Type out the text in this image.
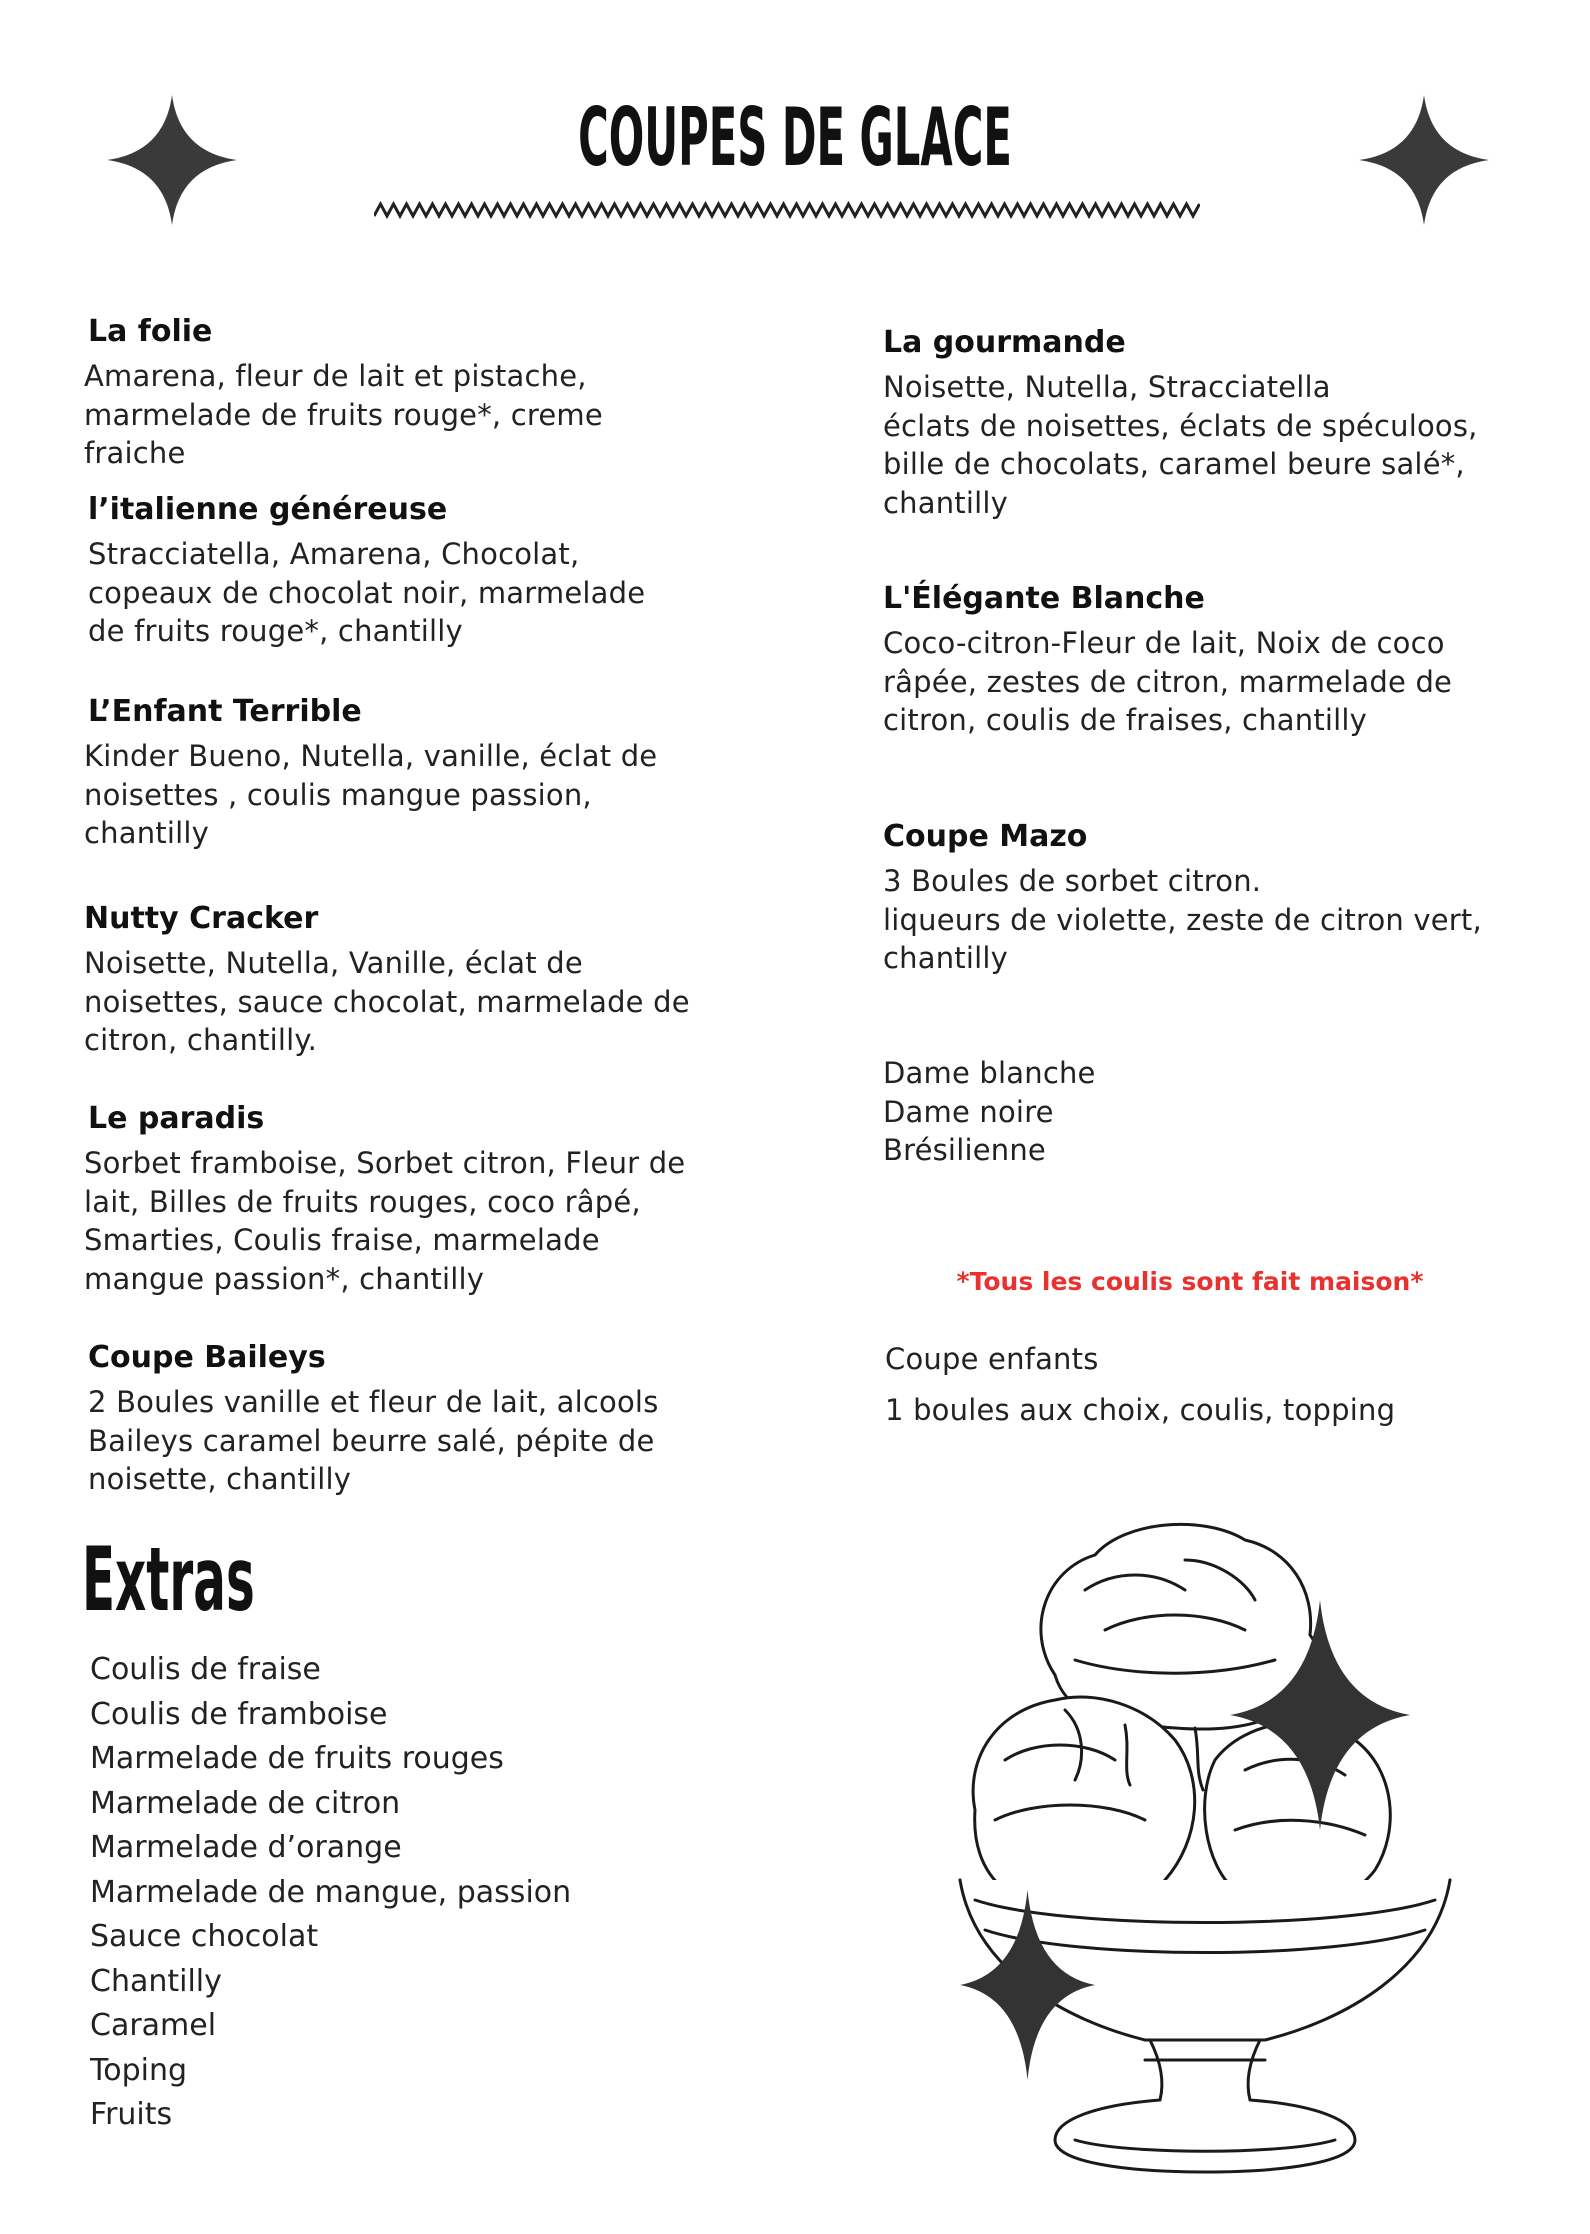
COUPES DE GLACE
La folie

Amarena, fleur de lait et pistache,
marmelade de fruits rouge*, creme
fraiche

l’italienne généreuse

Stracciatella, Amarena, Chocolat,
copeaux de chocolat noir, marmelade
de fruits rouge*, chantilly

L’Enfant Terrible

Kinder Bueno, Nutella, vanille, éclat de
noisettes , coulis mangue passion,
chantilly

Nutty Cracker

Noisette, Nutella, Vanille, éclat de
noisettes, sauce chocolat, marmelade de
citron, chantilly.

Le paradis

Sorbet framboise, Sorbet citron, Fleur de
lait, Billes de fruits rouges, coco râpé,
Smarties, Coulis fraise, marmelade
mangue passion*, chantilly

Coupe Baileys

2 Boules vanille et fleur de lait, alcools
Baileys caramel beurre salé, pépite de
noisette, chantilly

La gourmande

Noisette, Nutella, Stracciatella
éclats de noisettes, éclats de spéculoos,
bille de chocolats, caramel beure salé*,
chantilly

L'Élégante Blanche

Coco-citron-Fleur de lait, Noix de coco
râpée, zestes de citron, marmelade de
citron, coulis de fraises, chantilly

Coupe Mazo

3 Boules de sorbet citron.
liqueurs de violette, zeste de citron vert,
chantilly

Dame blanche

Dame noire

Brésilienne

*Tous les coulis sont fait maison*

Coupe enfants

1 boules aux choix, coulis, topping

Extras
Coulis de fraise
Coulis de framboise
Marmelade de fruits rouges
Marmelade de citron
Marmelade d’orange
Marmelade de mangue, passion
Sauce chocolat
Chantilly
Caramel
Toping
Fruits
